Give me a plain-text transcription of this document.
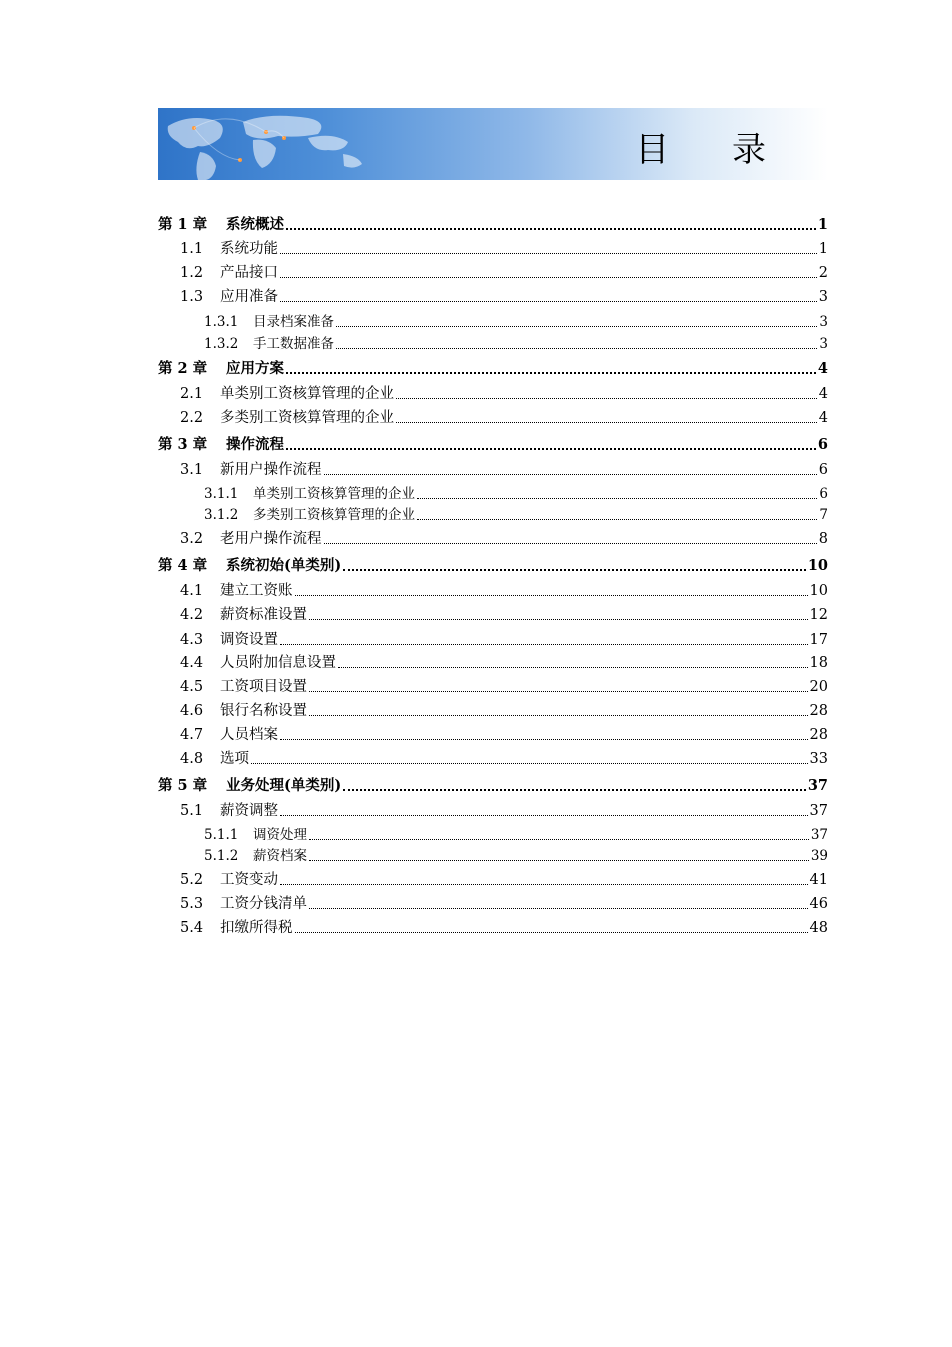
目 录
第 1 章	系统概述	1
1.1	系统功能	1
1.2	产品接口	2
1.3	应用准备	3
1.3.1	目录档案准备	3
1.3.2	手工数据准备	3
第 2 章	应用方案	4
2.1	单类别工资核算管理的企业	4
2.2	多类别工资核算管理的企业	4
第 3 章	操作流程	6
3.1	新用户操作流程	6
3.1.1	单类别工资核算管理的企业	6
3.1.2	多类别工资核算管理的企业	7
3.2	老用户操作流程	8
第 4 章	系统初始(单类别)	10
4.1	建立工资账	10
4.2	薪资标准设置	12
4.3	调资设置	17
4.4	人员附加信息设置	18
4.5	工资项目设置	20
4.6	银行名称设置	28
4.7	人员档案	28
4.8	选项	33
第 5 章	业务处理(单类别)	37
5.1	薪资调整	37
5.1.1	调资处理	37
5.1.2	薪资档案	39
5.2	工资变动	41
5.3	工资分钱清单	46
5.4	扣缴所得税	48
